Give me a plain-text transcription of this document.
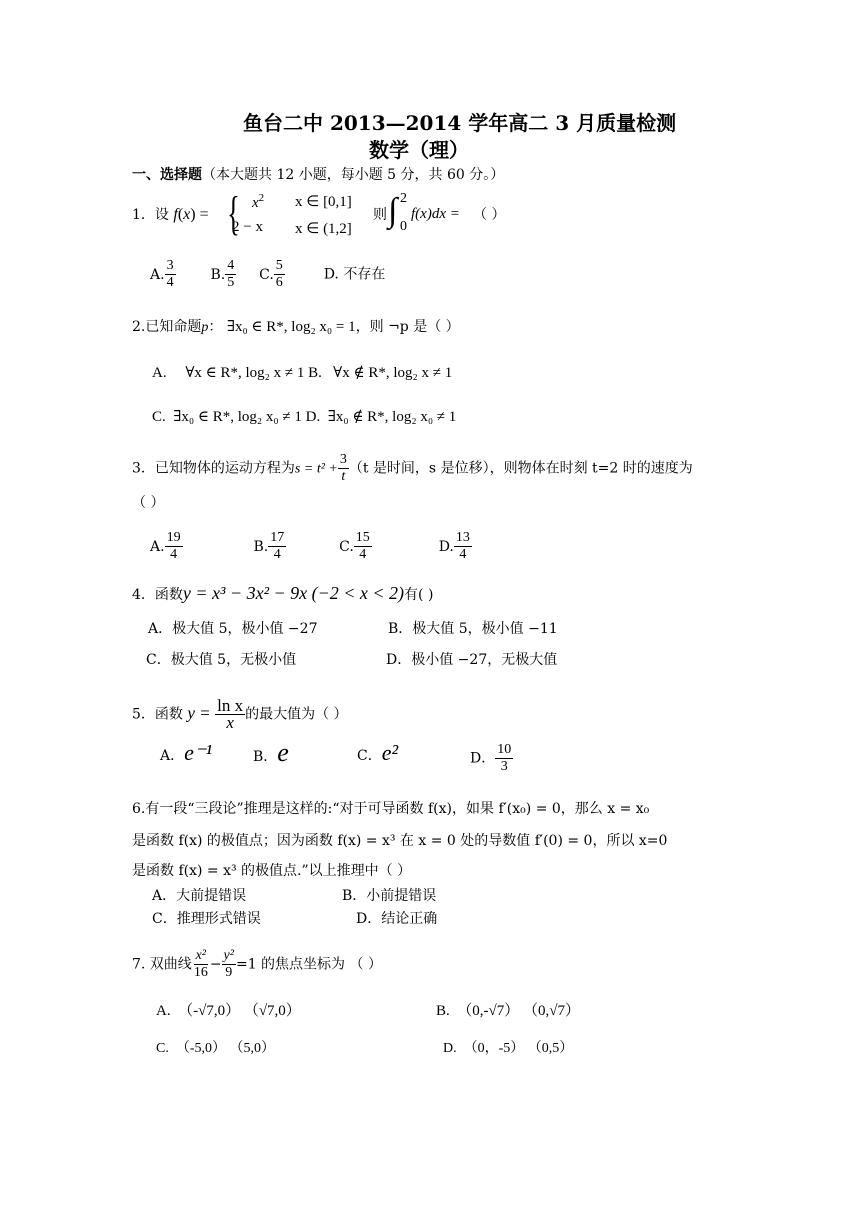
鱼台二中 2013—2014 学年高二 3 月质量检测
数学（理）
一、选择题（本大题共 12 小题，每小题 5 分，共 60 分。）
1．设 f(x) = { $x^2$ x ∈ [0,1]
2 − x x ∈ (1,2]
则 ∫ 2
0
f(x)dx = （ ）
A. $\frac{3}{4} B$. $\frac{4}{5} C$. $\frac{5}{6}$	D. 不存在
2.已知命题p： ∃x₀ ∈ R*, log₂ x₀ = 1，则 ¬p 是（ ）
A. ∀x ∈ R*, log₂ x ≠ 1 B. ∀x ∉ R*, log₂ x ≠ 1
C. ∃x₀ ∈ R*, log₂ x₀ ≠ 1 D. ∃x₀ ∉ R*, log₂ x₀ ≠ 1
3．已知物体的运动方程为$s = t^2 + \frac{3}{t} (t$ 是时间，s 是位移），则物体在时刻 t=2 时的速度为
（ ）
A. $\frac{19}{4}$	B. $\frac{17}{4}$	C. $\frac{15}{4}$	D. $\frac{13}{4}$
4．函数y = x³ − 3x² − 9x (−2 < x < 2)有( )
A．极大值 5，极小值 −27	B．极大值 5，极小值 −11
C．极大值 5，无极小值	D．极小值 −27，无极大值
5．函数 $y = \frac{\text{ln x}}{x}$ 的最大值为（ ）
A．e⁻¹	B．e	C．e²	D． $\frac{10}{3}$
6.有一段“三段论”推理是这样的:“对于可导函数 f(x)，如果 f′(x₀) = 0，那么 x = x₀
是函数 f(x) 的极值点；因为函数 f(x) = x³ 在 x = 0 处的导数值 f′(0) = 0，所以 x=0
是函数 f(x) = x³ 的极值点.”以上推理中（ ）
A．大前提错误	B．小前提错误
C．推理形式错误	D．结论正确
7. 双曲线 $\frac{\text{x²}}{16} - \frac{\text{y²}}{9} =1$ 的焦点坐标为 （ ）
A. （-√7,0） （√7,0）	B. （0,-√7） （0,√7）
C. （-5,0） （5,0）	D. （0，-5） （0,5）
